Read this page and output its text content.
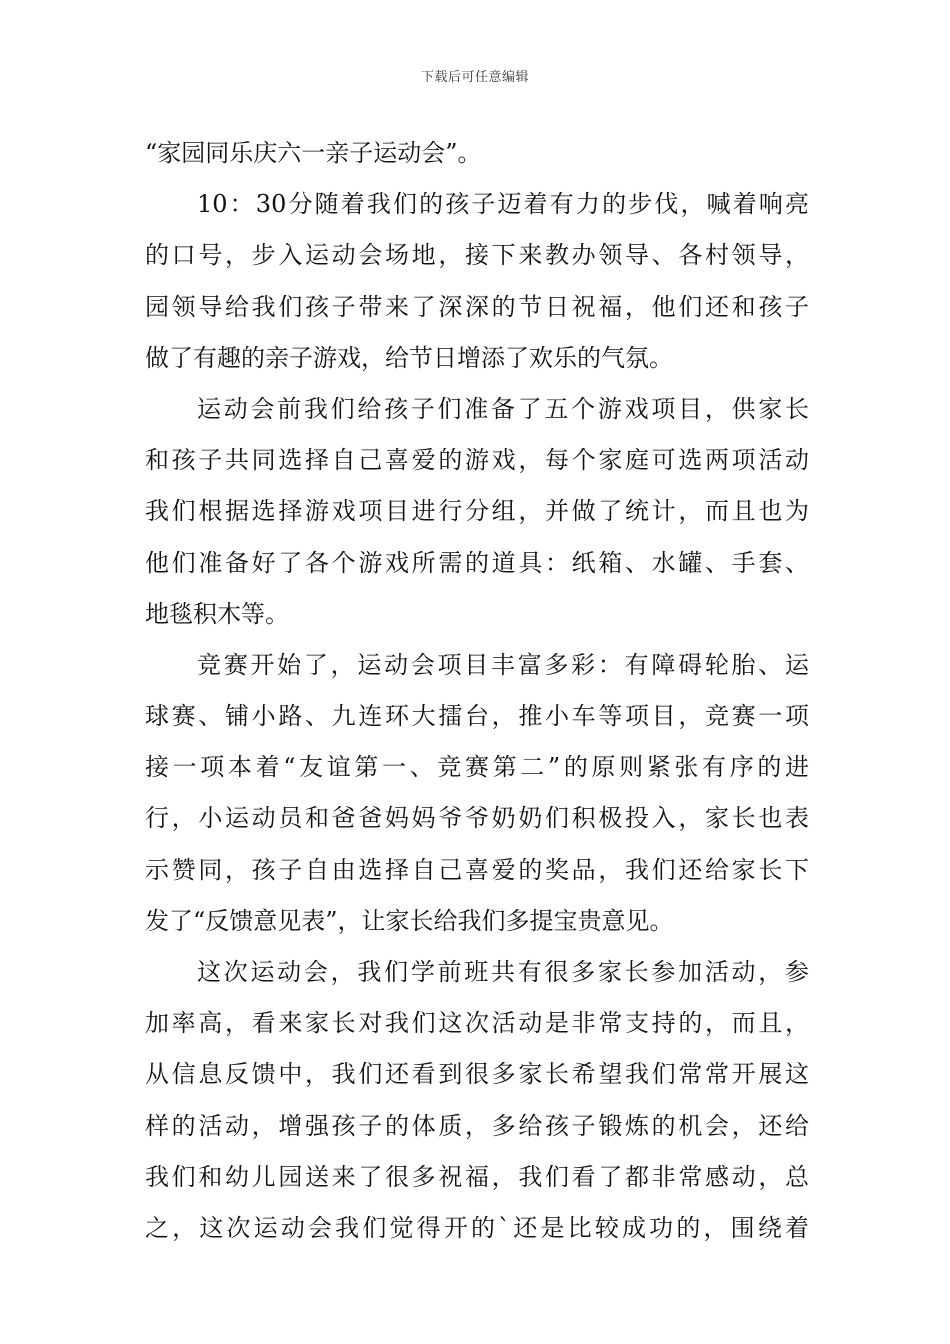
下载后可任意编辑
“家园同乐庆六一亲子运动会”。
10：30分随着我们的孩子迈着有力的步伐，喊着响亮
的口号，步入运动会场地，接下来教办领导、各村领导，
园领导给我们孩子带来了深深的节日祝福，他们还和孩子
做了有趣的亲子游戏，给节日增添了欢乐的气氛。
运动会前我们给孩子们准备了五个游戏项目，供家长
和孩子共同选择自己喜爱的游戏，每个家庭可选两项活动
我们根据选择游戏项目进行分组，并做了统计，而且也为
他们准备好了各个游戏所需的道具：纸箱、水罐、手套、
地毯积木等。
竞赛开始了，运动会项目丰富多彩：有障碍轮胎、运
球赛、铺小路、九连环大擂台，推小车等项目，竞赛一项
接一项本着“友谊第一、竞赛第二”的原则紧张有序的进
行，小运动员和爸爸妈妈爷爷奶奶们积极投入，家长也表
示赞同，孩子自由选择自己喜爱的奖品，我们还给家长下
发了“反馈意见表”，让家长给我们多提宝贵意见。
这次运动会，我们学前班共有很多家长参加活动，参
加率高，看来家长对我们这次活动是非常支持的，而且，
从信息反馈中，我们还看到很多家长希望我们常常开展这
样的活动，增强孩子的体质，多给孩子锻炼的机会，还给
我们和幼儿园送来了很多祝福，我们看了都非常感动，总
之，这次运动会我们觉得开的`还是比较成功的，围绕着
